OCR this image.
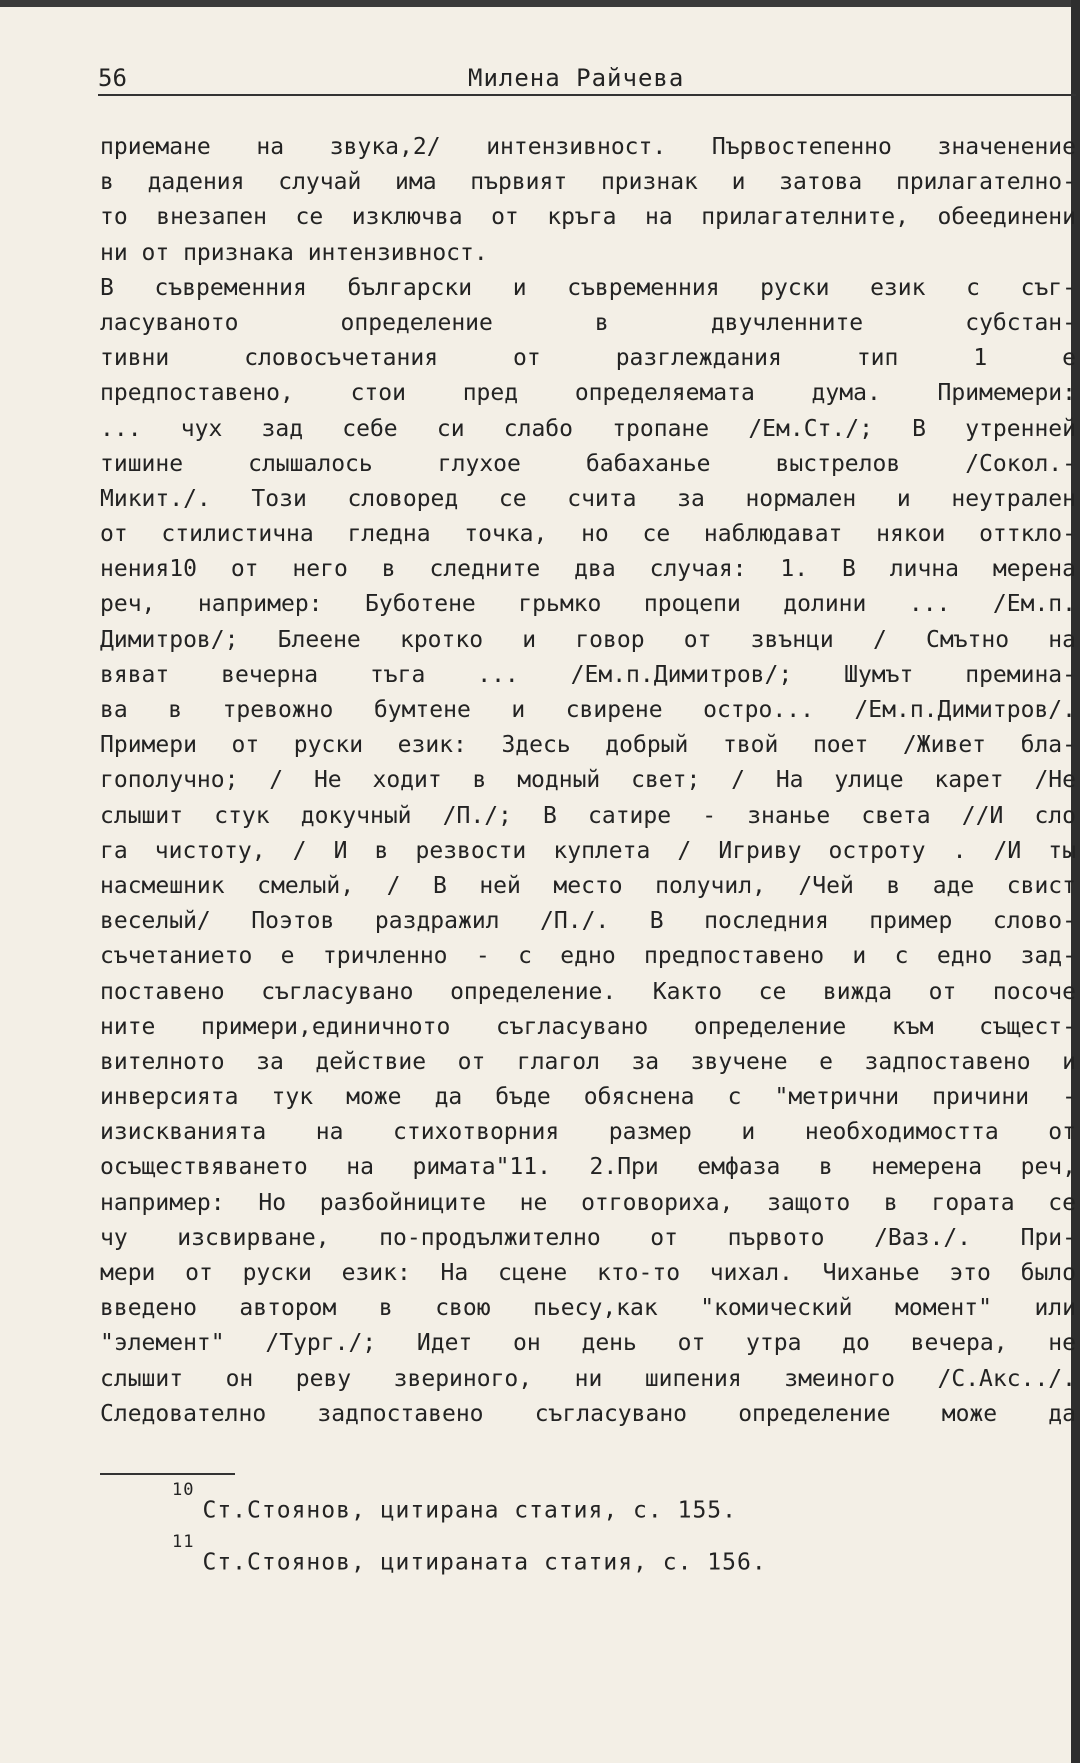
56	Милена Райчева
приемане на звука,2/ интензивност. Първостепенно значенение
в дадения случай има първият признак и затова прилагателно-
то внезапен се изключва от кръга на прилагателните, обеединени
ни от признака интензивност.
В съвременния български и съвременния руски език с съг-
ласуваното определение в двучленните субстан-
тивни словосъчетания от разглеждания тип 1 е
предпоставено, стои пред определяемата дума. Примемери:
... чух зад себе си слабо тропане /Ем.Ст./; В утренней
тишине слышалось глухое бабаханье выстрелов /Сокол.-
Микит./. Този словоред се счита за нормален и неутрален
от стилистична гледна точка, но се наблюдават някои отткло-
нения10 от него в следните два случая: 1. В лична мерена
реч, например: Буботене грьмко процепи долини ... /Ем.п.
Димитров/; Блеене кротко и говор от звънци / Смътно на
вяват вечерна тъга ... /Ем.п.Димитров/; Шумът премина-
ва в тревожно бумтене и свирене остро... /Ем.п.Димитров/.
Примери от руски език: Здесь добрый твой поет /Живет бла-
гополучно; / Не ходит в модный свет; / На улице карет /Не
слышит стук докучный /П./; В сатире - знанье света //И сло
га чистоту, / И в резвости куплета / Игриву остроту . /И ты
насмешник смелый, / В ней место получил, /Чей в аде свист
веселый/ Поэтов раздражил /П./. В последния пример словo-
съчетанието е тричленно - с едно предпоставено и с едно зад-
поставено съгласувано определение. Както се вижда от посоче
ните примери,единичното съгласувано определение към същест-
вителното за действие от глагол за звучене е задпоставено и
инверсията тук може да бъде обяснена с "метрични причини -
изискванията на стихотворния размер и необходимостта от
осъществяването на римата"11. 2.При емфаза в немерена реч,
например: Но разбойниците не отговориха, защото в гората се
чу изсвирване, по-продължително от първото /Ваз./. При-
мери от руски език: На сцене кто-то чихал. Чиханье это было
введено автором в свою пьесу,как "комический момент" или
"элемент" /Тург./; Идет он день от утра до вечера, не
слышит он реву звериного, ни шипения змеиного /С.Акс../.
Следователно задпоставено съгласувано определение може да
$^{10}$Ст.Стоянов, цитирана статия, с. 155.
$^{11}$Ст.Стоянов, цитираната статия, с. 156.
